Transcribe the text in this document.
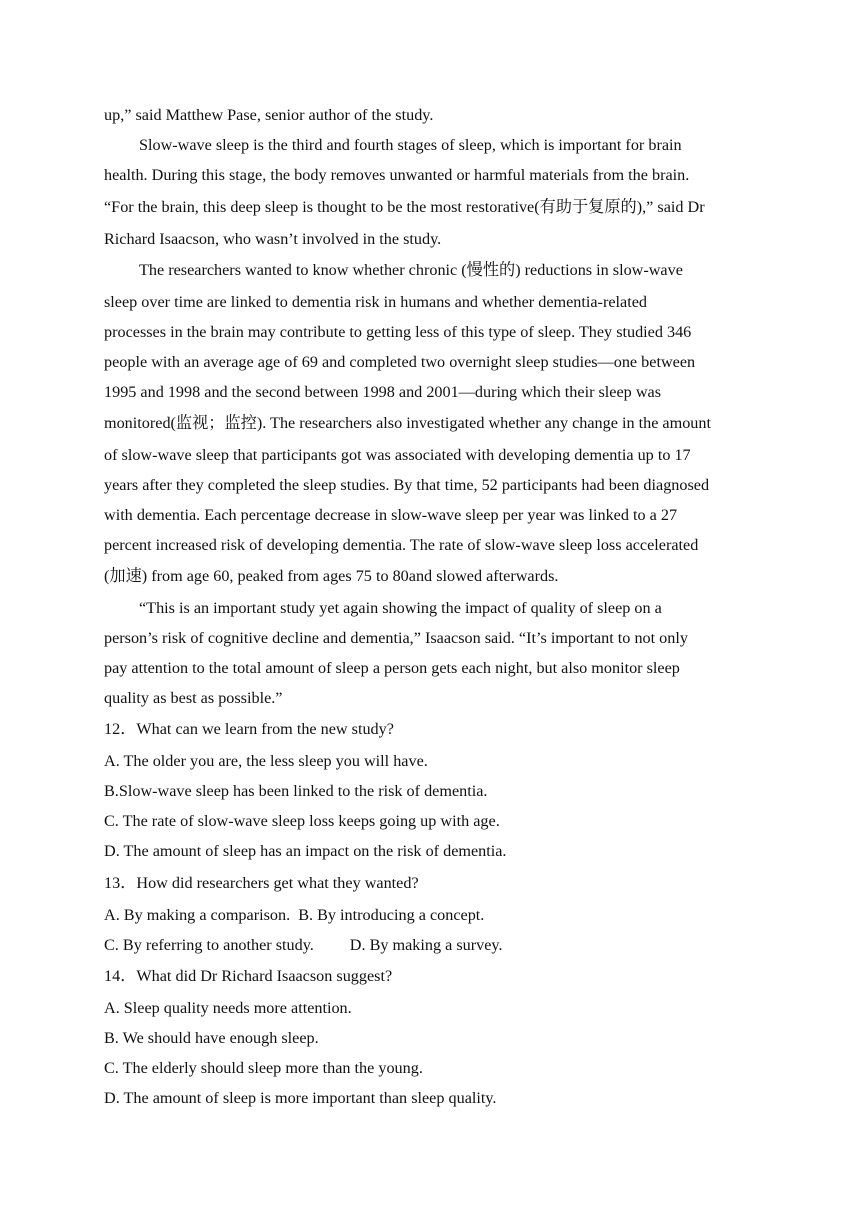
up,” said Matthew Pase, senior author of the study.
Slow-wave sleep is the third and fourth stages of sleep, which is important for brain
health. During this stage, the body removes unwanted or harmful materials from the brain.
“For the brain, this deep sleep is thought to be the most restorative(有助于复原的),” said Dr
Richard Isaacson, who wasn’t involved in the study.
The researchers wanted to know whether chronic (慢性的) reductions in slow-wave
sleep over time are linked to dementia risk in humans and whether dementia-related
processes in the brain may contribute to getting less of this type of sleep. They studied 346
people with an average age of 69 and completed two overnight sleep studies—one between
1995 and 1998 and the second between 1998 and 2001—during which their sleep was
monitored(监视；监控). The researchers also investigated whether any change in the amount
of slow-wave sleep that participants got was associated with developing dementia up to 17
years after they completed the sleep studies. By that time, 52 participants had been diagnosed
with dementia. Each percentage decrease in slow-wave sleep per year was linked to a 27
percent increased risk of developing dementia. The rate of slow-wave sleep loss accelerated
(加速) from age 60, peaked from ages 75 to 80and slowed afterwards.
“This is an important study yet again showing the impact of quality of sleep on a
person’s risk of cognitive decline and dementia,” Isaacson said. “It’s important to not only
pay attention to the total amount of sleep a person gets each night, but also monitor sleep
quality as best as possible.”
12．What can we learn from the new study?
A. The older you are, the less sleep you will have.
B.Slow-wave sleep has been linked to the risk of dementia.
C. The rate of slow-wave sleep loss keeps going up with age.
D. The amount of sleep has an impact on the risk of dementia.
13．How did researchers get what they wanted?
A. By making a comparison. B. By introducing a concept.
C. By referring to another study. D. By making a survey.
14．What did Dr Richard Isaacson suggest?
A. Sleep quality needs more attention.
B. We should have enough sleep.
C. The elderly should sleep more than the young.
D. The amount of sleep is more important than sleep quality.
